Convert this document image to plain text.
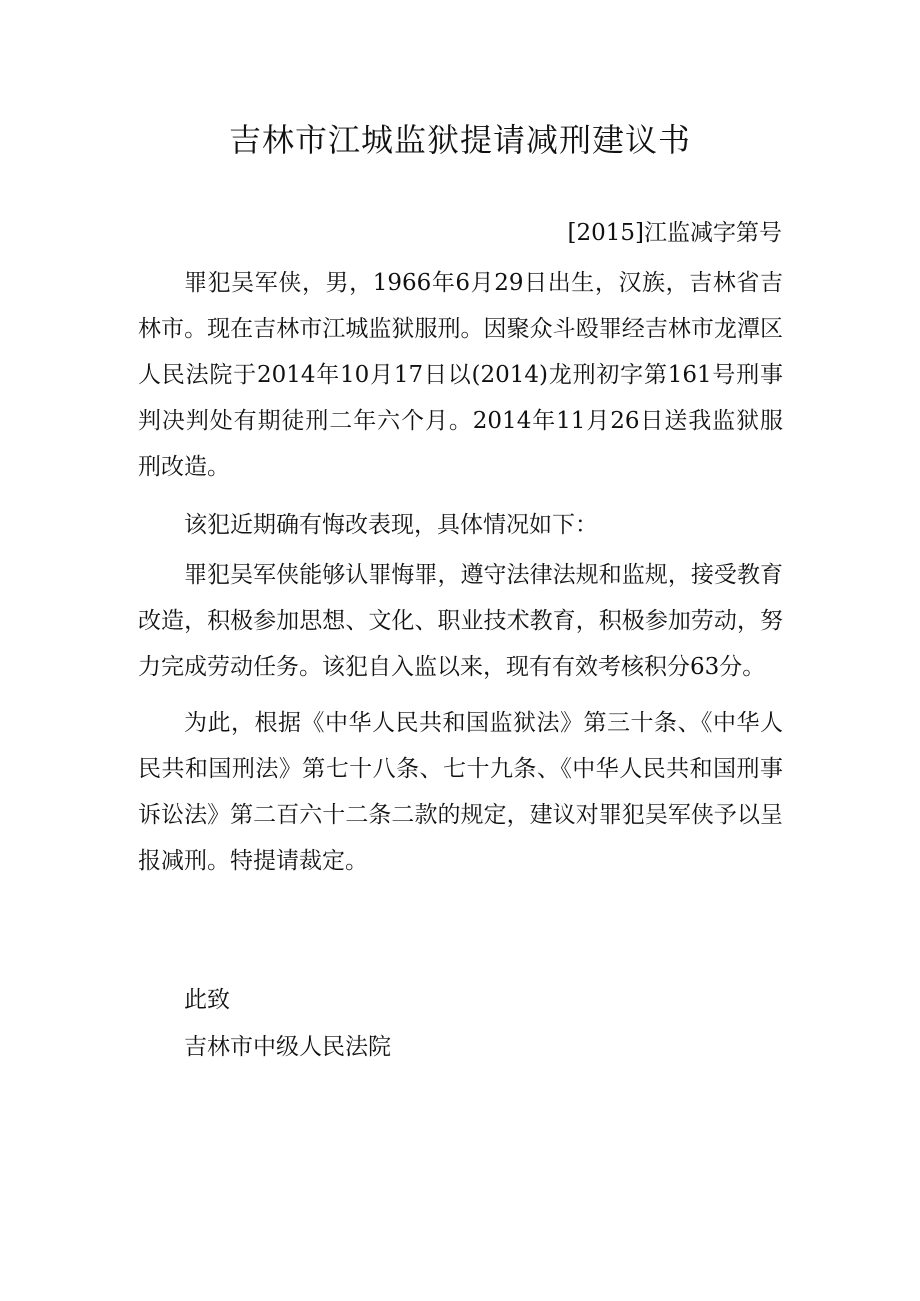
吉林市江城监狱提请减刑建议书
[2015]江监减字第号
罪犯吴军侠，男，1966年6月29日出生，汉族，吉林省吉林市。现在吉林市江城监狱服刑。因聚众斗殴罪经吉林市龙潭区人民法院于2014年10月17日以(2014)龙刑初字第161号刑事判决判处有期徒刑二年六个月。2014年11月26日送我监狱服刑改造。
该犯近期确有悔改表现，具体情况如下：
罪犯吴军侠能够认罪悔罪，遵守法律法规和监规，接受教育改造，积极参加思想、文化、职业技术教育，积极参加劳动，努力完成劳动任务。该犯自入监以来，现有有效考核积分63分。
为此，根据《中华人民共和国监狱法》第三十条、《中华人民共和国刑法》第七十八条、七十九条、《中华人民共和国刑事诉讼法》第二百六十二条二款的规定，建议对罪犯吴军侠予以呈报减刑。特提请裁定。
此致
吉林市中级人民法院
